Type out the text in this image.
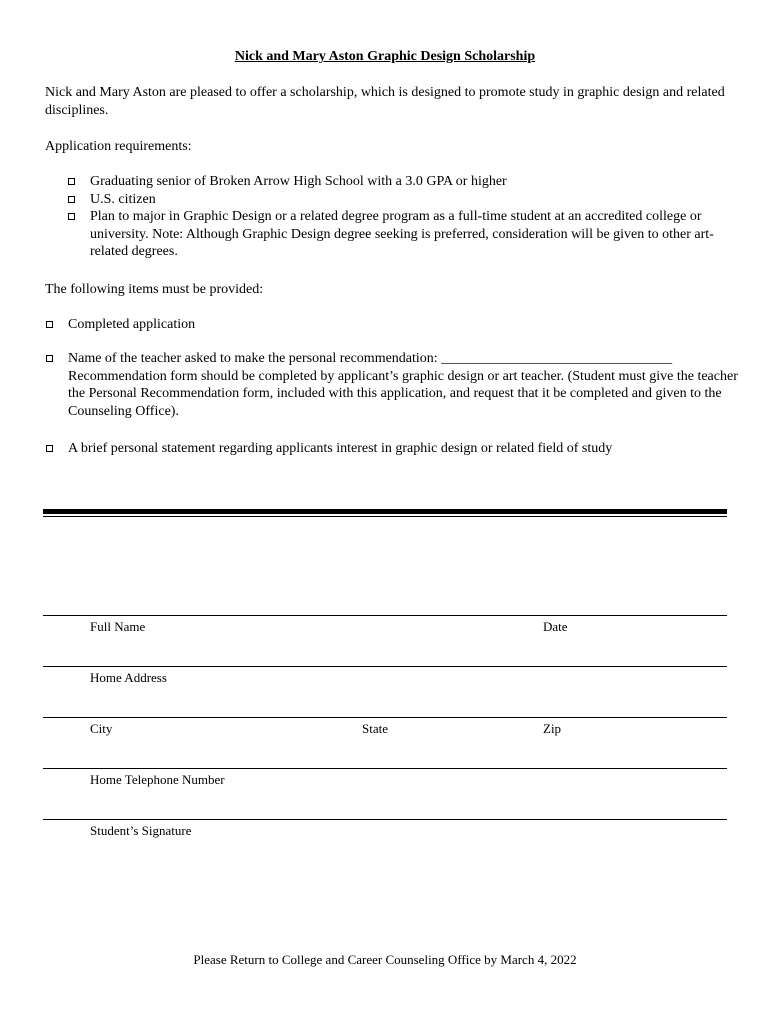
Nick and Mary Aston Graphic Design Scholarship
Nick and Mary Aston are pleased to offer a scholarship, which is designed to promote study in graphic design and related disciplines.
Application requirements:
Graduating senior of Broken Arrow High School with a 3.0 GPA or higher
U.S. citizen
Plan to major in Graphic Design or a related degree program as a full-time student at an accredited college or university. Note: Although Graphic Design degree seeking is preferred, consideration will be given to other art-related degrees.
The following items must be provided:
Completed application
Name of the teacher asked to make the personal recommendation: _________________________________ Recommendation form should be completed by applicant’s graphic design or art teacher. (Student must give the teacher the Personal Recommendation form, included with this application, and request that it be completed and given to the Counseling Office).
A brief personal statement regarding applicants interest in graphic design or related field of study
Full Name	Date
Home Address
City	State	Zip
Home Telephone Number
Student’s Signature
Please Return to College and Career Counseling Office by March 4, 2022
